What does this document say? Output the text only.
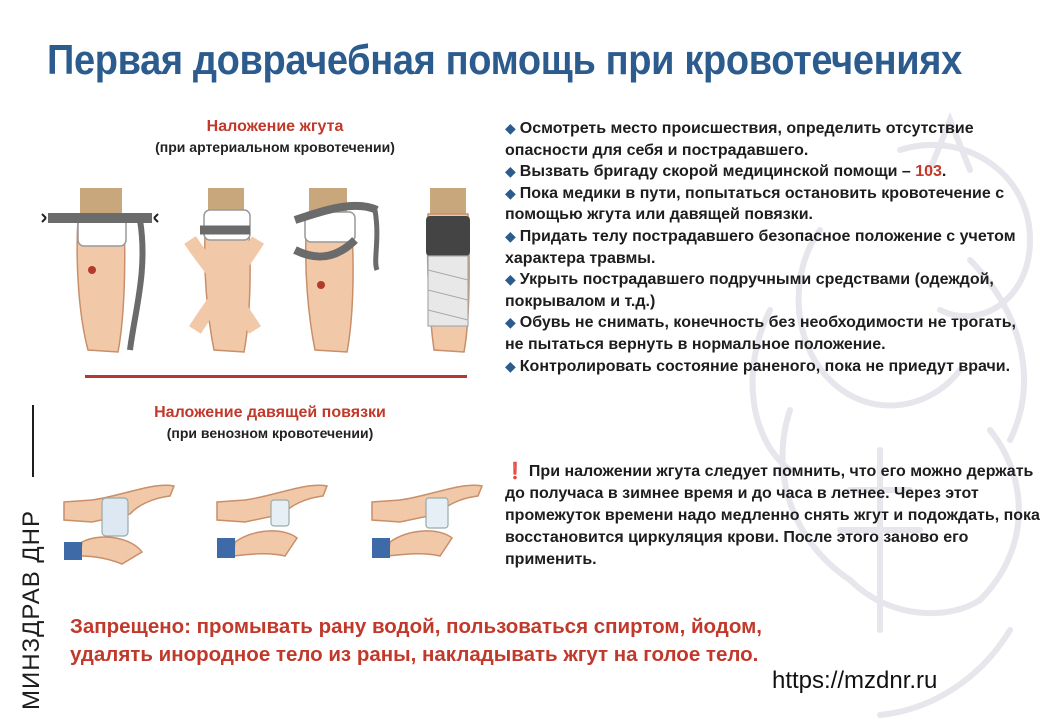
Первая доврачебная помощь при кровотечениях
Наложение жгута
(при артериальном кровотечении)
Наложение давящей повязки
(при венозном кровотечении)

◆ Осмотреть место происшествия, определить отсутствие опасности для себя и пострадавшего.

◆ Вызвать бригаду скорой медицинской помощи – 103.

◆ Пока медики в пути, попытаться остановить кровотечение с помощью жгута или давящей повязки.

◆ Придать телу пострадавшего безопасное положение с учетом характера травмы.

◆ Укрыть пострадавшего подручными средствами (одеждой, покрывалом и т.д.)

◆ Обувь не снимать, конечность без необходимости не трогать, не пытаться вернуть в нормальное положение.

◆ Контролировать состояние раненого, пока не приедут врачи.

❗ При наложении жгута следует помнить, что его можно держать до получаса в зимнее время и до часа в летнее. Через этот промежуток времени надо медленно снять жгут и подождать, пока восстановится циркуляция крови. После этого заново его применить.
Запрещено: промывать рану водой, пользоваться спиртом, йодом, удалять инородное тело из раны, накладывать жгут на голое тело.
https://mzdnr.ru
МИНЗДРАВ ДНР
